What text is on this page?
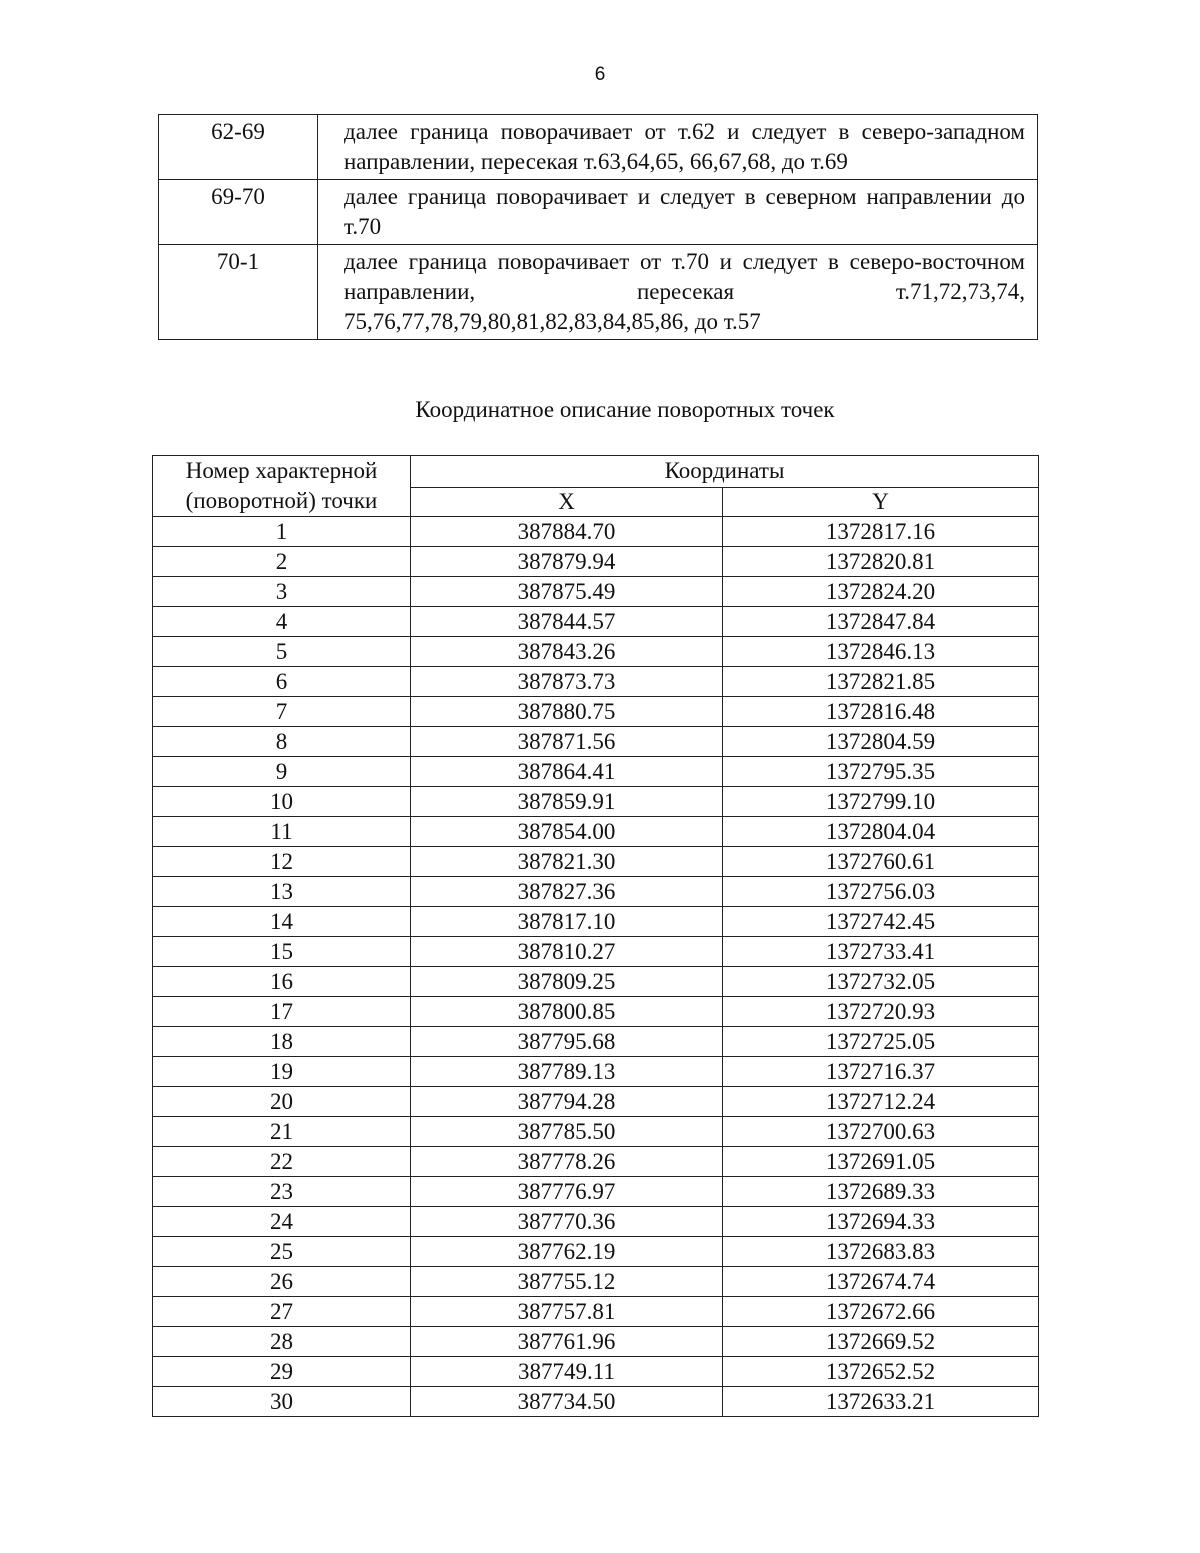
6
62-69	далее граница поворачивает от т.62 и следует в северо-западном направлении, пересекая т.63,64,65, 66,67,68, до т.69
69-70	далее граница поворачивает и следует в северном направлении до т.70
70-1	далее граница поворачивает от т.70 и следует в северо-восточном направлении, пересекая т.71,72,73,74, 75,76,77,78,79,80,81,82,83,84,85,86, до т.57
Координатное описание поворотных точек
Номер характерной (поворотной) точки	Координаты	
	X	Y
1	387884.70	1372817.16
2	387879.94	1372820.81
3	387875.49	1372824.20
4	387844.57	1372847.84
5	387843.26	1372846.13
6	387873.73	1372821.85
7	387880.75	1372816.48
8	387871.56	1372804.59
9	387864.41	1372795.35
10	387859.91	1372799.10
11	387854.00	1372804.04
12	387821.30	1372760.61
13	387827.36	1372756.03
14	387817.10	1372742.45
15	387810.27	1372733.41
16	387809.25	1372732.05
17	387800.85	1372720.93
18	387795.68	1372725.05
19	387789.13	1372716.37
20	387794.28	1372712.24
21	387785.50	1372700.63
22	387778.26	1372691.05
23	387776.97	1372689.33
24	387770.36	1372694.33
25	387762.19	1372683.83
26	387755.12	1372674.74
27	387757.81	1372672.66
28	387761.96	1372669.52
29	387749.11	1372652.52
30	387734.50	1372633.21
